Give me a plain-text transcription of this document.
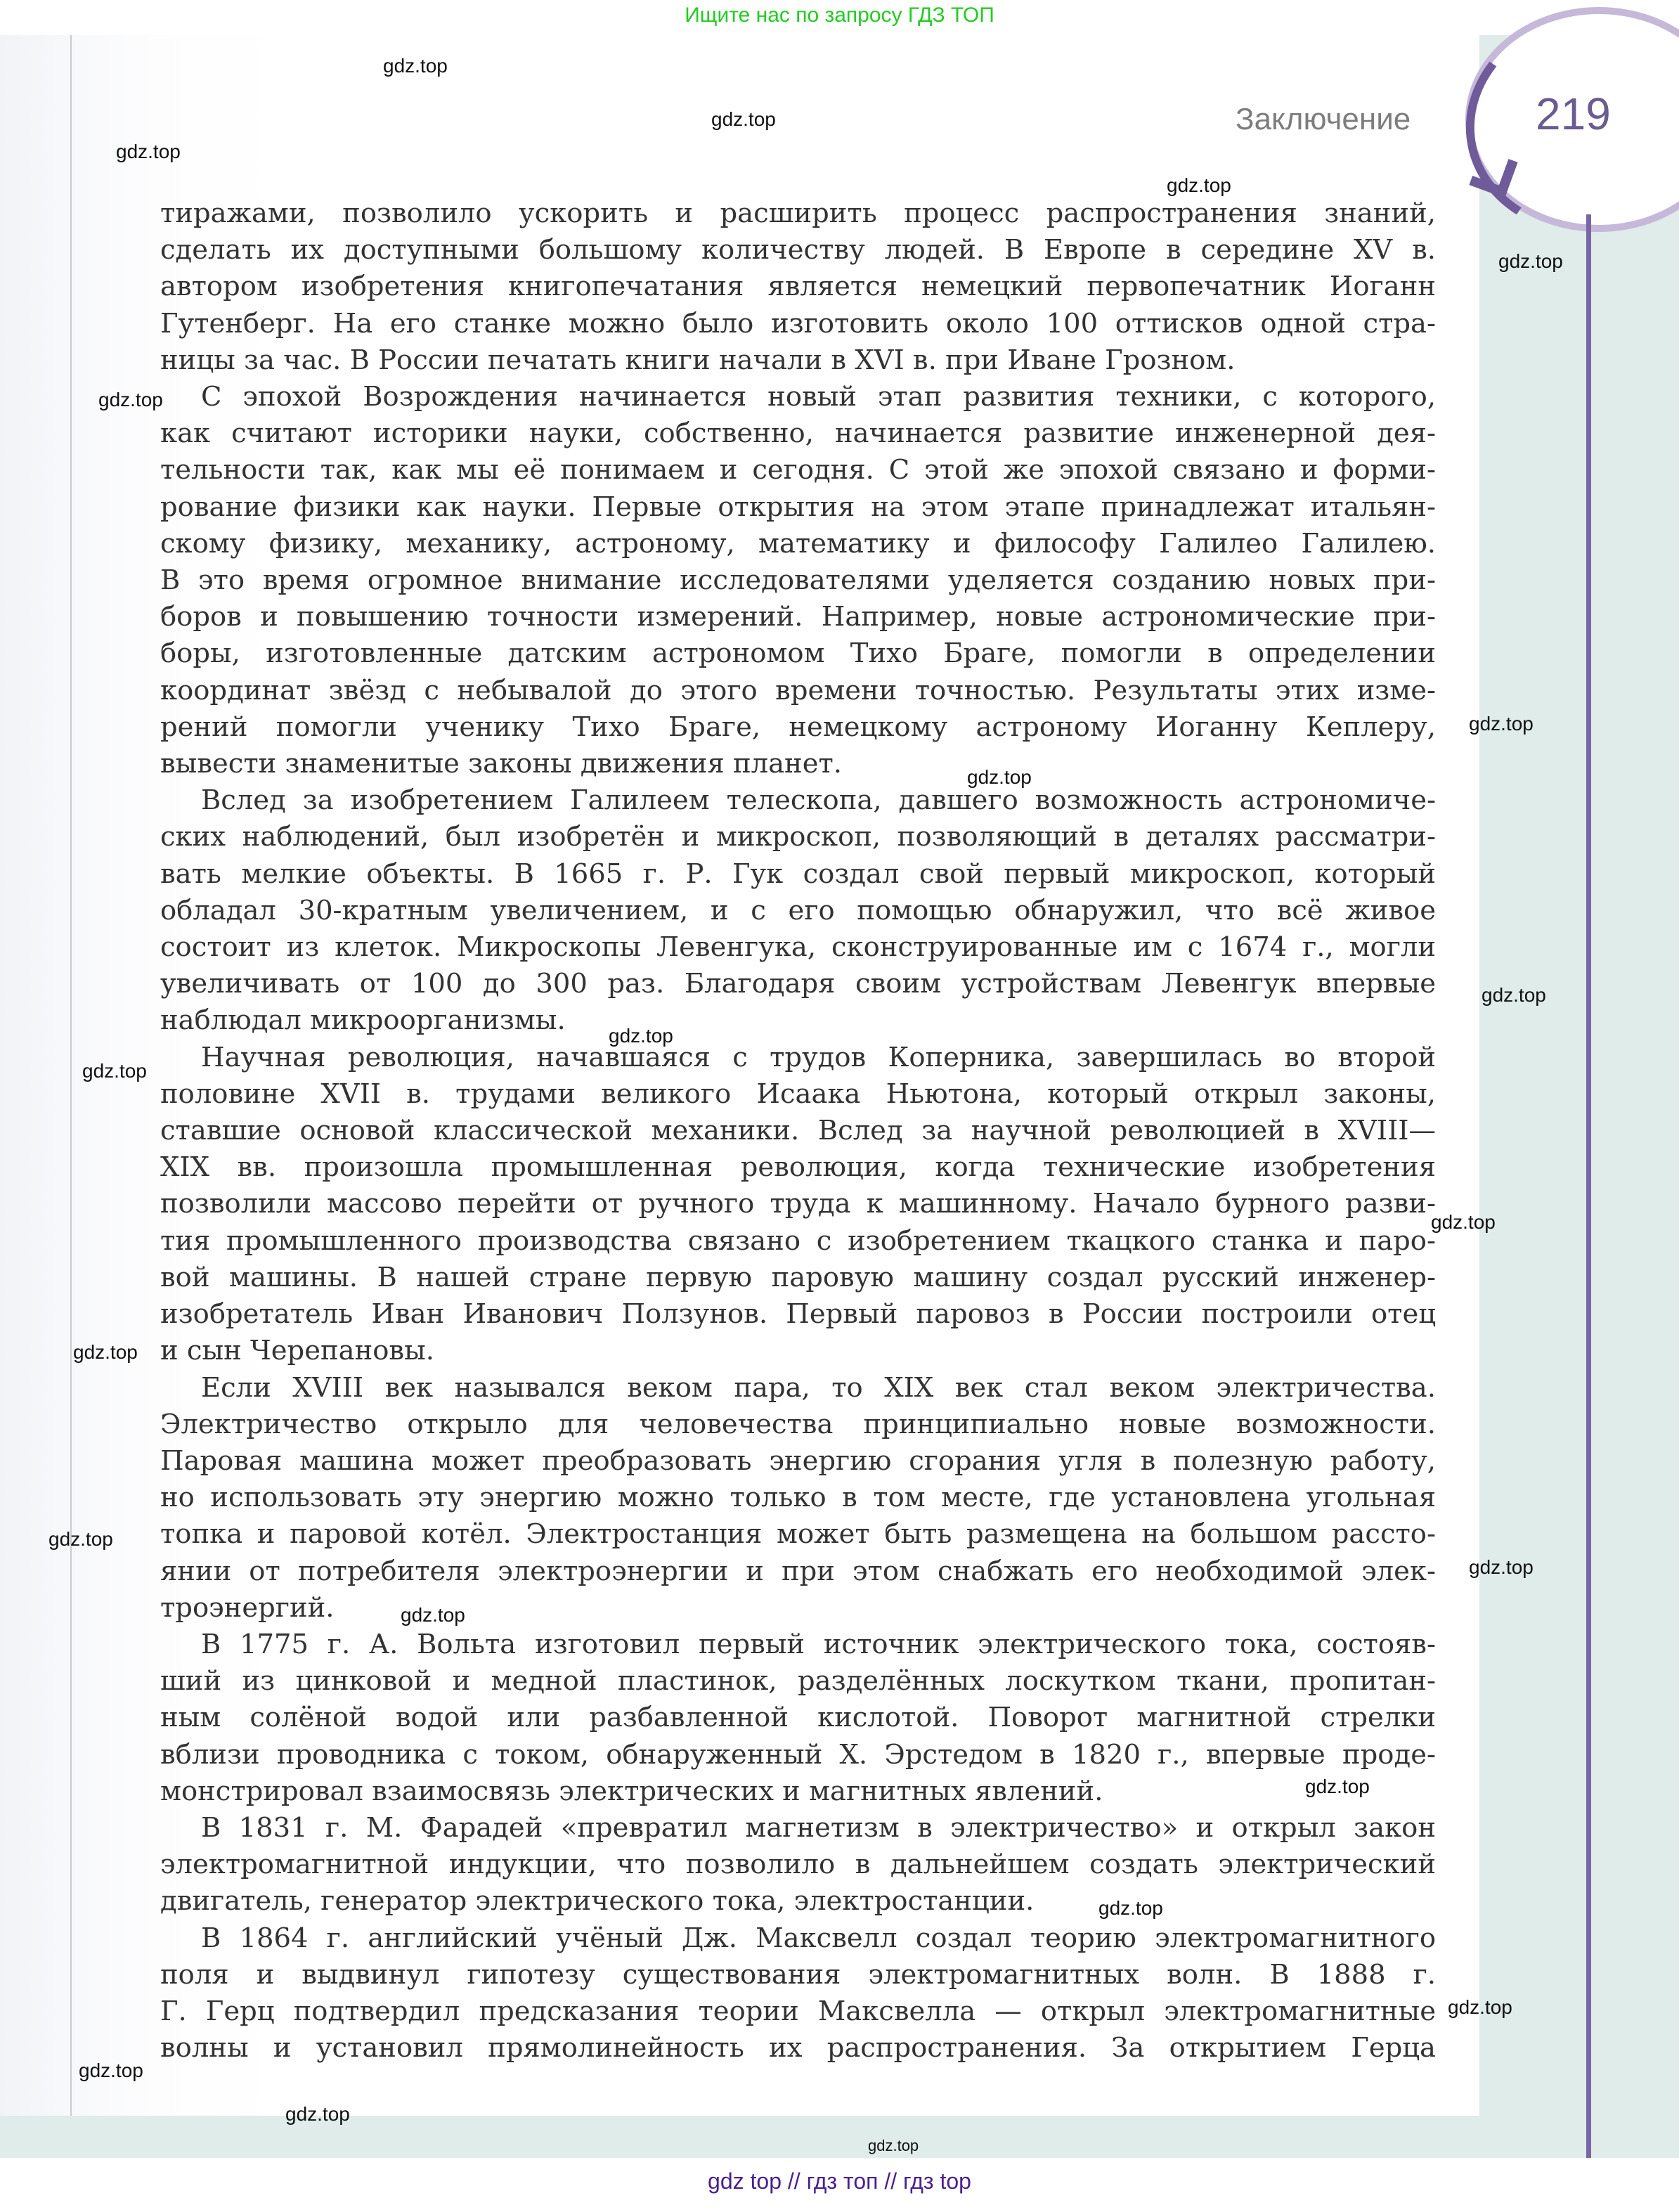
Ищите нас по запросу ГДЗ ТОП
Заключение	219
тиражами, позволило ускорить и расширить процесс распространения знаний,
сделать их доступными большому количеству людей. В Европе в середине XV в.
автором изобретения книгопечатания является немецкий первопечатник Иоганн
Гутенберг. На его станке можно было изготовить около 100 оттисков одной стра-
ницы за час. В России печатать книги начали в XVI в. при Иване Грозном.
С эпохой Возрождения начинается новый этап развития техники, с которого,
как считают историки науки, собственно, начинается развитие инженерной дея-
тельности так, как мы её понимаем и сегодня. С этой же эпохой связано и форми-
рование физики как науки. Первые открытия на этом этапе принадлежат итальян-
скому физику, механику, астроному, математику и философу Галилео Галилею.
В это время огромное внимание исследователями уделяется созданию новых при-
боров и повышению точности измерений. Например, новые астрономические при-
боры, изготовленные датским астрономом Тихо Браге, помогли в определении
координат звёзд с небывалой до этого времени точностью. Результаты этих изме-
рений помогли ученику Тихо Браге, немецкому астроному Иоганну Кеплеру,
вывести знаменитые законы движения планет.
Вслед за изобретением Галилеем телескопа, давшего возможность астрономиче-
ских наблюдений, был изобретён и микроскоп, позволяющий в деталях рассматри-
вать мелкие объекты. В 1665 г. Р. Гук создал свой первый микроскоп, который
обладал 30-кратным увеличением, и с его помощью обнаружил, что всё живое
состоит из клеток. Микроскопы Левенгука, сконструированные им с 1674 г., могли
увеличивать от 100 до 300 раз. Благодаря своим устройствам Левенгук впервые
наблюдал микроорганизмы.
Научная революция, начавшаяся с трудов Коперника, завершилась во второй
половине XVII в. трудами великого Исаака Ньютона, который открыл законы,
ставшие основой классической механики. Вслед за научной революцией в XVIII—
XIX вв. произошла промышленная революция, когда технические изобретения
позволили массово перейти от ручного труда к машинному. Начало бурного разви-
тия промышленного производства связано с изобретением ткацкого станка и паро-
вой машины. В нашей стране первую паровую машину создал русский инженер-
изобретатель Иван Иванович Ползунов. Первый паровоз в России построили отец
и сын Черепановы.
Если XVIII век назывался веком пара, то XIX век стал веком электричества.
Электричество открыло для человечества принципиально новые возможности.
Паровая машина может преобразовать энергию сгорания угля в полезную работу,
но использовать эту энергию можно только в том месте, где установлена угольная
топка и паровой котёл. Электростанция может быть размещена на большом рассто-
янии от потребителя электроэнергии и при этом снабжать его необходимой элек-
троэнергий.
В 1775 г. А. Вольта изготовил первый источник электрического тока, состояв-
ший из цинковой и медной пластинок, разделённых лоскутком ткани, пропитан-
ным солёной водой или разбавленной кислотой. Поворот магнитной стрелки
вблизи проводника с током, обнаруженный Х. Эрстедом в 1820 г., впервые проде-
монстрировал взаимосвязь электрических и магнитных явлений.
В 1831 г. М. Фарадей «превратил магнетизм в электричество» и открыл закон
электромагнитной индукции, что позволило в дальнейшем создать электрический
двигатель, генератор электрического тока, электростанции.
В 1864 г. английский учёный Дж. Максвелл создал теорию электромагнитного
поля и выдвинул гипотезу существования электромагнитных волн. В 1888 г.
Г. Герц подтвердил предсказания теории Максвелла — открыл электромагнитные
волны и установил прямолинейность их распространения. За открытием Герца
gdz.top
gdz.top
gdz.top
gdz.top
gdz.top
gdz.top
gdz.top
gdz.top
gdz.top
gdz.top
gdz.top
gdz.top
gdz.top
gdz.top
gdz.top
gdz.top
gdz.top
gdz.top
gdz.top
gdz.top
gdz.top
gdz.top
gdz top // гдз топ // гдз top
